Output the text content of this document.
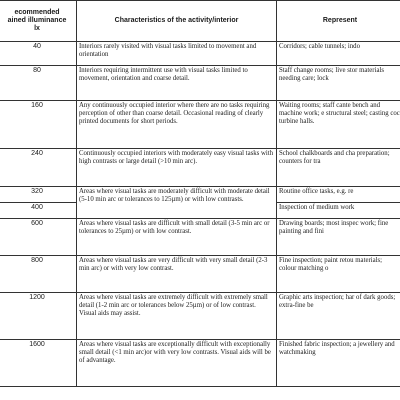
ecommended
ained illuminance
lx	Characteristics of the activity/interior	Represent
40	Interiors rarely visited with visual tasks limited to movement and orientation	Corridors; cable tunnels; indo
80	Interiors requiring intermittent use with visual tasks limited to movement, orientation and coarse detail.	Staff change rooms; live stor materials needing care; lock
160	Any continuously occupied interior where there are no tasks requiring perception of other than coarse detail. Occasional reading of clearly printed documents for short periods.	Waiting rooms; staff cante bench and machine work; e structural steel; casting coc turbine halls.
240	Continuously occupied interiors with moderately easy visual tasks with high contrasts or large detail (>10 min arc).	School chalkboards and cha preparation; counters for tra
320	Areas where visual tasks are moderately difficult with moderate detail (5-10 min arc or tolerances to 125µm) or with low contrasts.	Routine office tasks, e.g. re
400		Inspection of medium work
600	Areas where visual tasks are difficult with small detail (3-5 min arc or tolerances to 25µm) or with low contrast.	Drawing boards; most inspec work; fine painting and fini
800	Areas where visual tasks are very difficult with very small detail (2-3 min arc) or with very low contrast.	Fine inspection; paint retou materials; colour matching o
1200	Areas where visual tasks are extremely difficult with extremely small detail (1-2 min arc or tolerances below 25µm) or of low contrast. Visual aids may assist.	Graphic arts inspection; har of dark goods; extra-fine be
1600	Areas where visual tasks are exceptionally difficult with exceptionally small detail (<1 min arc)or with very low contrasts. Visual aids will be of advantage.	Finished fabric inspection; a jewellery and watchmaking
